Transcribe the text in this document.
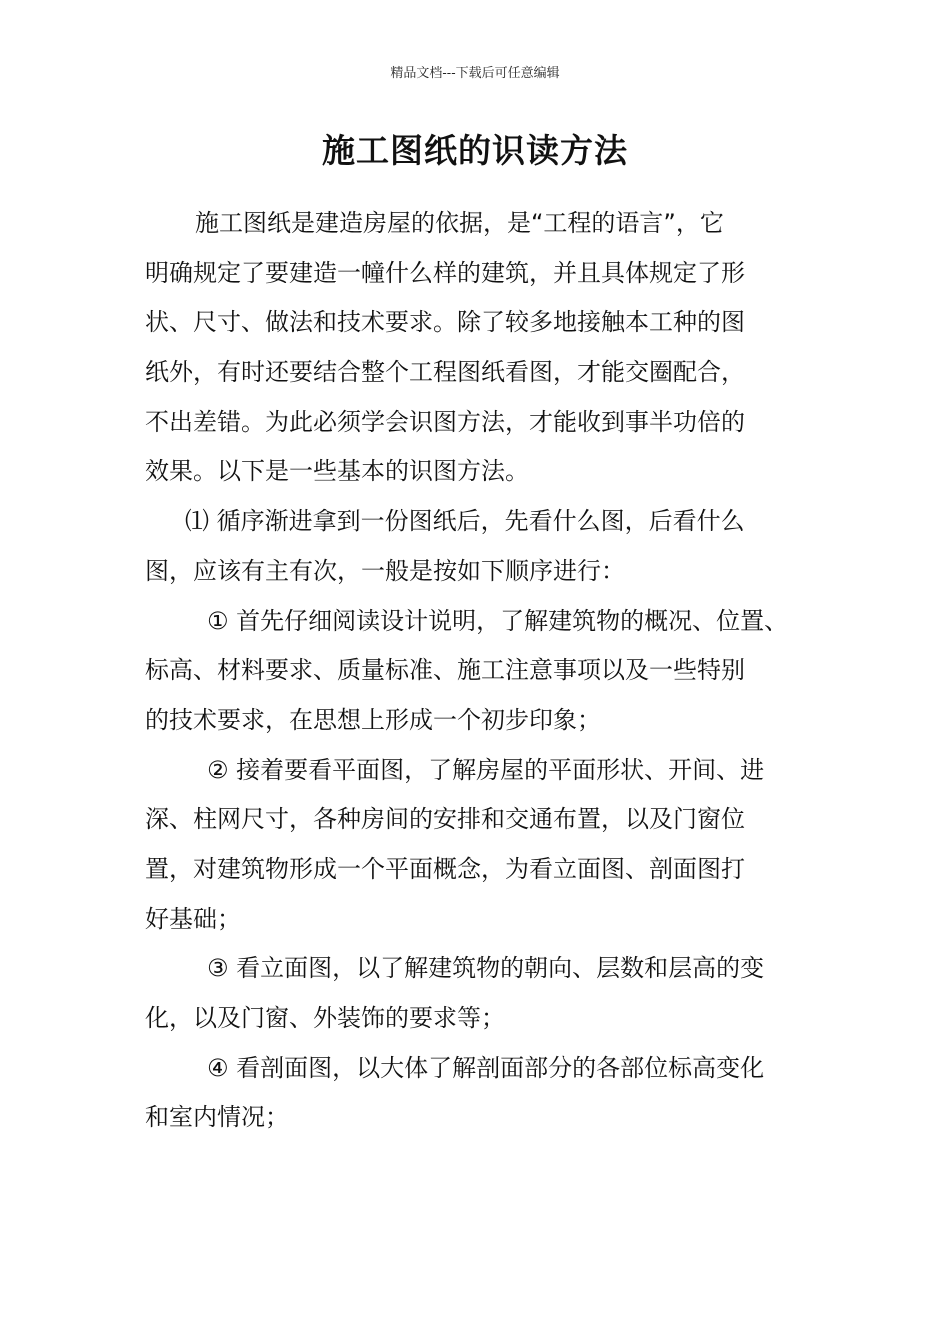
精品文档---下载后可任意编辑
施工图纸的识读方法
施工图纸是建造房屋的依据，是“工程的语言”，它
明确规定了要建造一幢什么样的建筑，并且具体规定了形
状、尺寸、做法和技术要求。除了较多地接触本工种的图
纸外，有时还要结合整个工程图纸看图，才能交圈配合，
不出差错。为此必须学会识图方法，才能收到事半功倍的
效果。以下是一些基本的识图方法。
⑴ 循序渐进拿到一份图纸后，先看什么图，后看什么
图，应该有主有次，一般是按如下顺序进行：
① 首先仔细阅读设计说明，了解建筑物的概况、位置、
标高、材料要求、质量标准、施工注意事项以及一些特别
的技术要求，在思想上形成一个初步印象；
② 接着要看平面图，了解房屋的平面形状、开间、进
深、柱网尺寸，各种房间的安排和交通布置，以及门窗位
置，对建筑物形成一个平面概念，为看立面图、剖面图打
好基础；
③ 看立面图，以了解建筑物的朝向、层数和层高的变
化，以及门窗、外装饰的要求等；
④ 看剖面图，以大体了解剖面部分的各部位标高变化
和室内情况；
